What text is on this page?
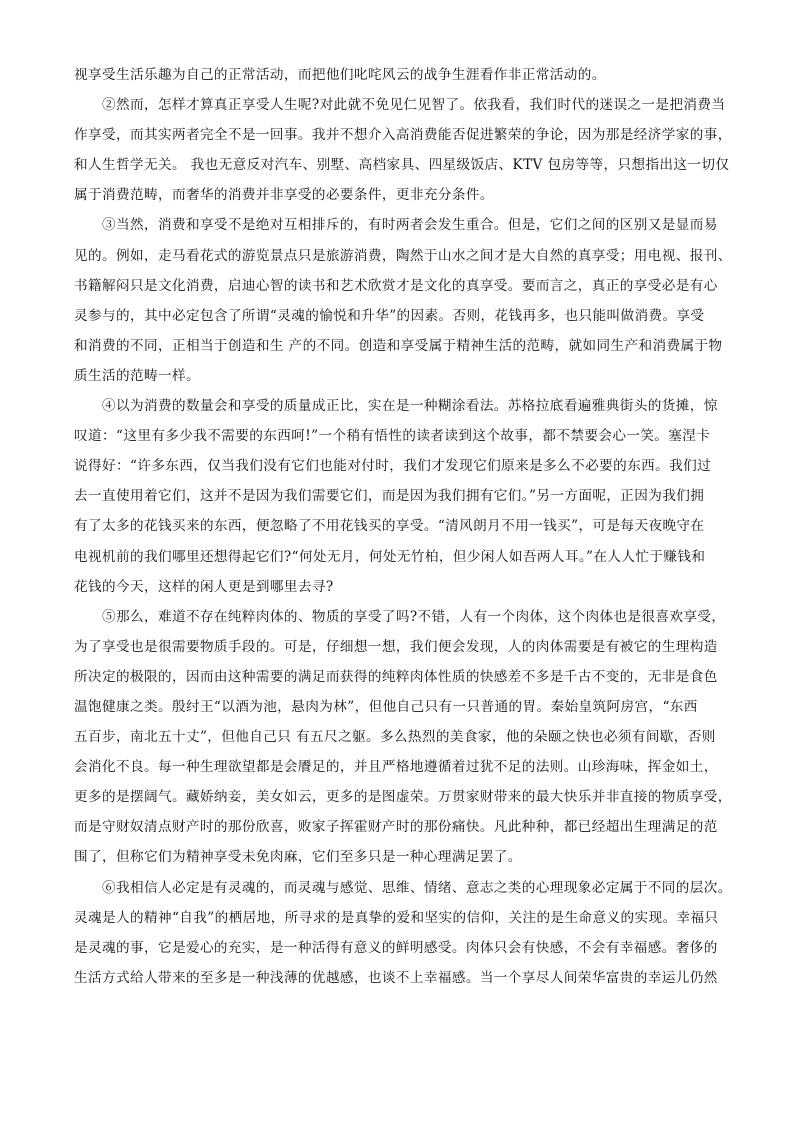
视享受生活乐趣为自己的正常活动，而把他们叱咤风云的战争生涯看作非正常活动的。
　　②然而，怎样才算真正享受人生呢?对此就不免见仁见智了。依我看，我们时代的迷误之一是把消费当
作享受，而其实两者完全不是一回事。我并不想介入高消费能否促进繁荣的争论，因为那是经济学家的事，
和人生哲学无关。 我也无意反对汽车、别墅、高档家具、四星级饭店、KTV 包房等等，只想指出这一切仅
属于消费范畴，而奢华的消费并非享受的必要条件，更非充分条件。
　　③当然，消费和享受不是绝对互相排斥的，有时两者会发生重合。但是，它们之间的区别又是显而易
见的。例如，走马看花式的游览景点只是旅游消费，陶然于山水之间才是大自然的真享受；用电视、报刊、
书籍解闷只是文化消费，启迪心智的读书和艺术欣赏才是文化的真享受。要而言之，真正的享受必是有心
灵参与的，其中必定包含了所谓“灵魂的愉悦和升华”的因素。否则，花钱再多，也只能叫做消费。享受
和消费的不同，正相当于创造和生 产的不同。创造和享受属于精神生活的范畴，就如同生产和消费属于物
质生活的范畴一样。
　　④以为消费的数量会和享受的质量成正比，实在是一种糊涂看法。苏格拉底看遍雅典街头的货摊，惊
叹道：“这里有多少我不需要的东西呵!”一个稍有悟性的读者读到这个故事，都不禁要会心一笑。塞涅卡
说得好：“许多东西，仅当我们没有它们也能对付时，我们才发现它们原来是多么不必要的东西。我们过
去一直使用着它们，这并不是因为我们需要它们，而是因为我们拥有它们。”另一方面呢，正因为我们拥
有了太多的花钱买来的东西，便忽略了不用花钱买的享受。“清风朗月不用一钱买”，可是每天夜晚守在
电视机前的我们哪里还想得起它们?“何处无月，何处无竹柏，但少闲人如吾两人耳。”在人人忙于赚钱和
花钱的今天，这样的闲人更是到哪里去寻?
　　⑤那么，难道不存在纯粹肉体的、物质的享受了吗?不错，人有一个肉体，这个肉体也是很喜欢享受，
为了享受也是很需要物质手段的。可是，仔细想一想，我们便会发现，人的肉体需要是有被它的生理构造
所决定的极限的，因而由这种需要的满足而获得的纯粹肉体性质的快感差不多是千古不变的，无非是食色
温饱健康之类。殷纣王“以酒为池，悬肉为林”，但他自己只有一只普通的胃。秦始皇筑阿房宫，“东西
五百步，南北五十丈”，但他自己只 有五尺之躯。多么热烈的美食家，他的朵颐之快也必须有间歇，否则
会消化不良。每一种生理欲望都是会餍足的，并且严格地遵循着过犹不足的法则。山珍海味，挥金如土，
更多的是摆阔气。藏娇纳妾，美女如云，更多的是图虚荣。万贯家财带来的最大快乐并非直接的物质享受，
而是守财奴清点财产时的那份欣喜，败家子挥霍财产时的那份痛快。凡此种种，都已经超出生理满足的范
围了，但称它们为精神享受未免肉麻，它们至多只是一种心理满足罢了。
　　⑥我相信人必定是有灵魂的，而灵魂与感觉、思维、情绪、意志之类的心理现象必定属于不同的层次。
灵魂是人的精神“自我”的栖居地，所寻求的是真挚的爱和坚实的信仰，关注的是生命意义的实现。幸福只
是灵魂的事，它是爱心的充实，是一种活得有意义的鲜明感受。肉体只会有快感，不会有幸福感。奢侈的
生活方式给人带来的至多是一种浅薄的优越感，也谈不上幸福感。当一个享尽人间荣华富贵的幸运儿仍然
